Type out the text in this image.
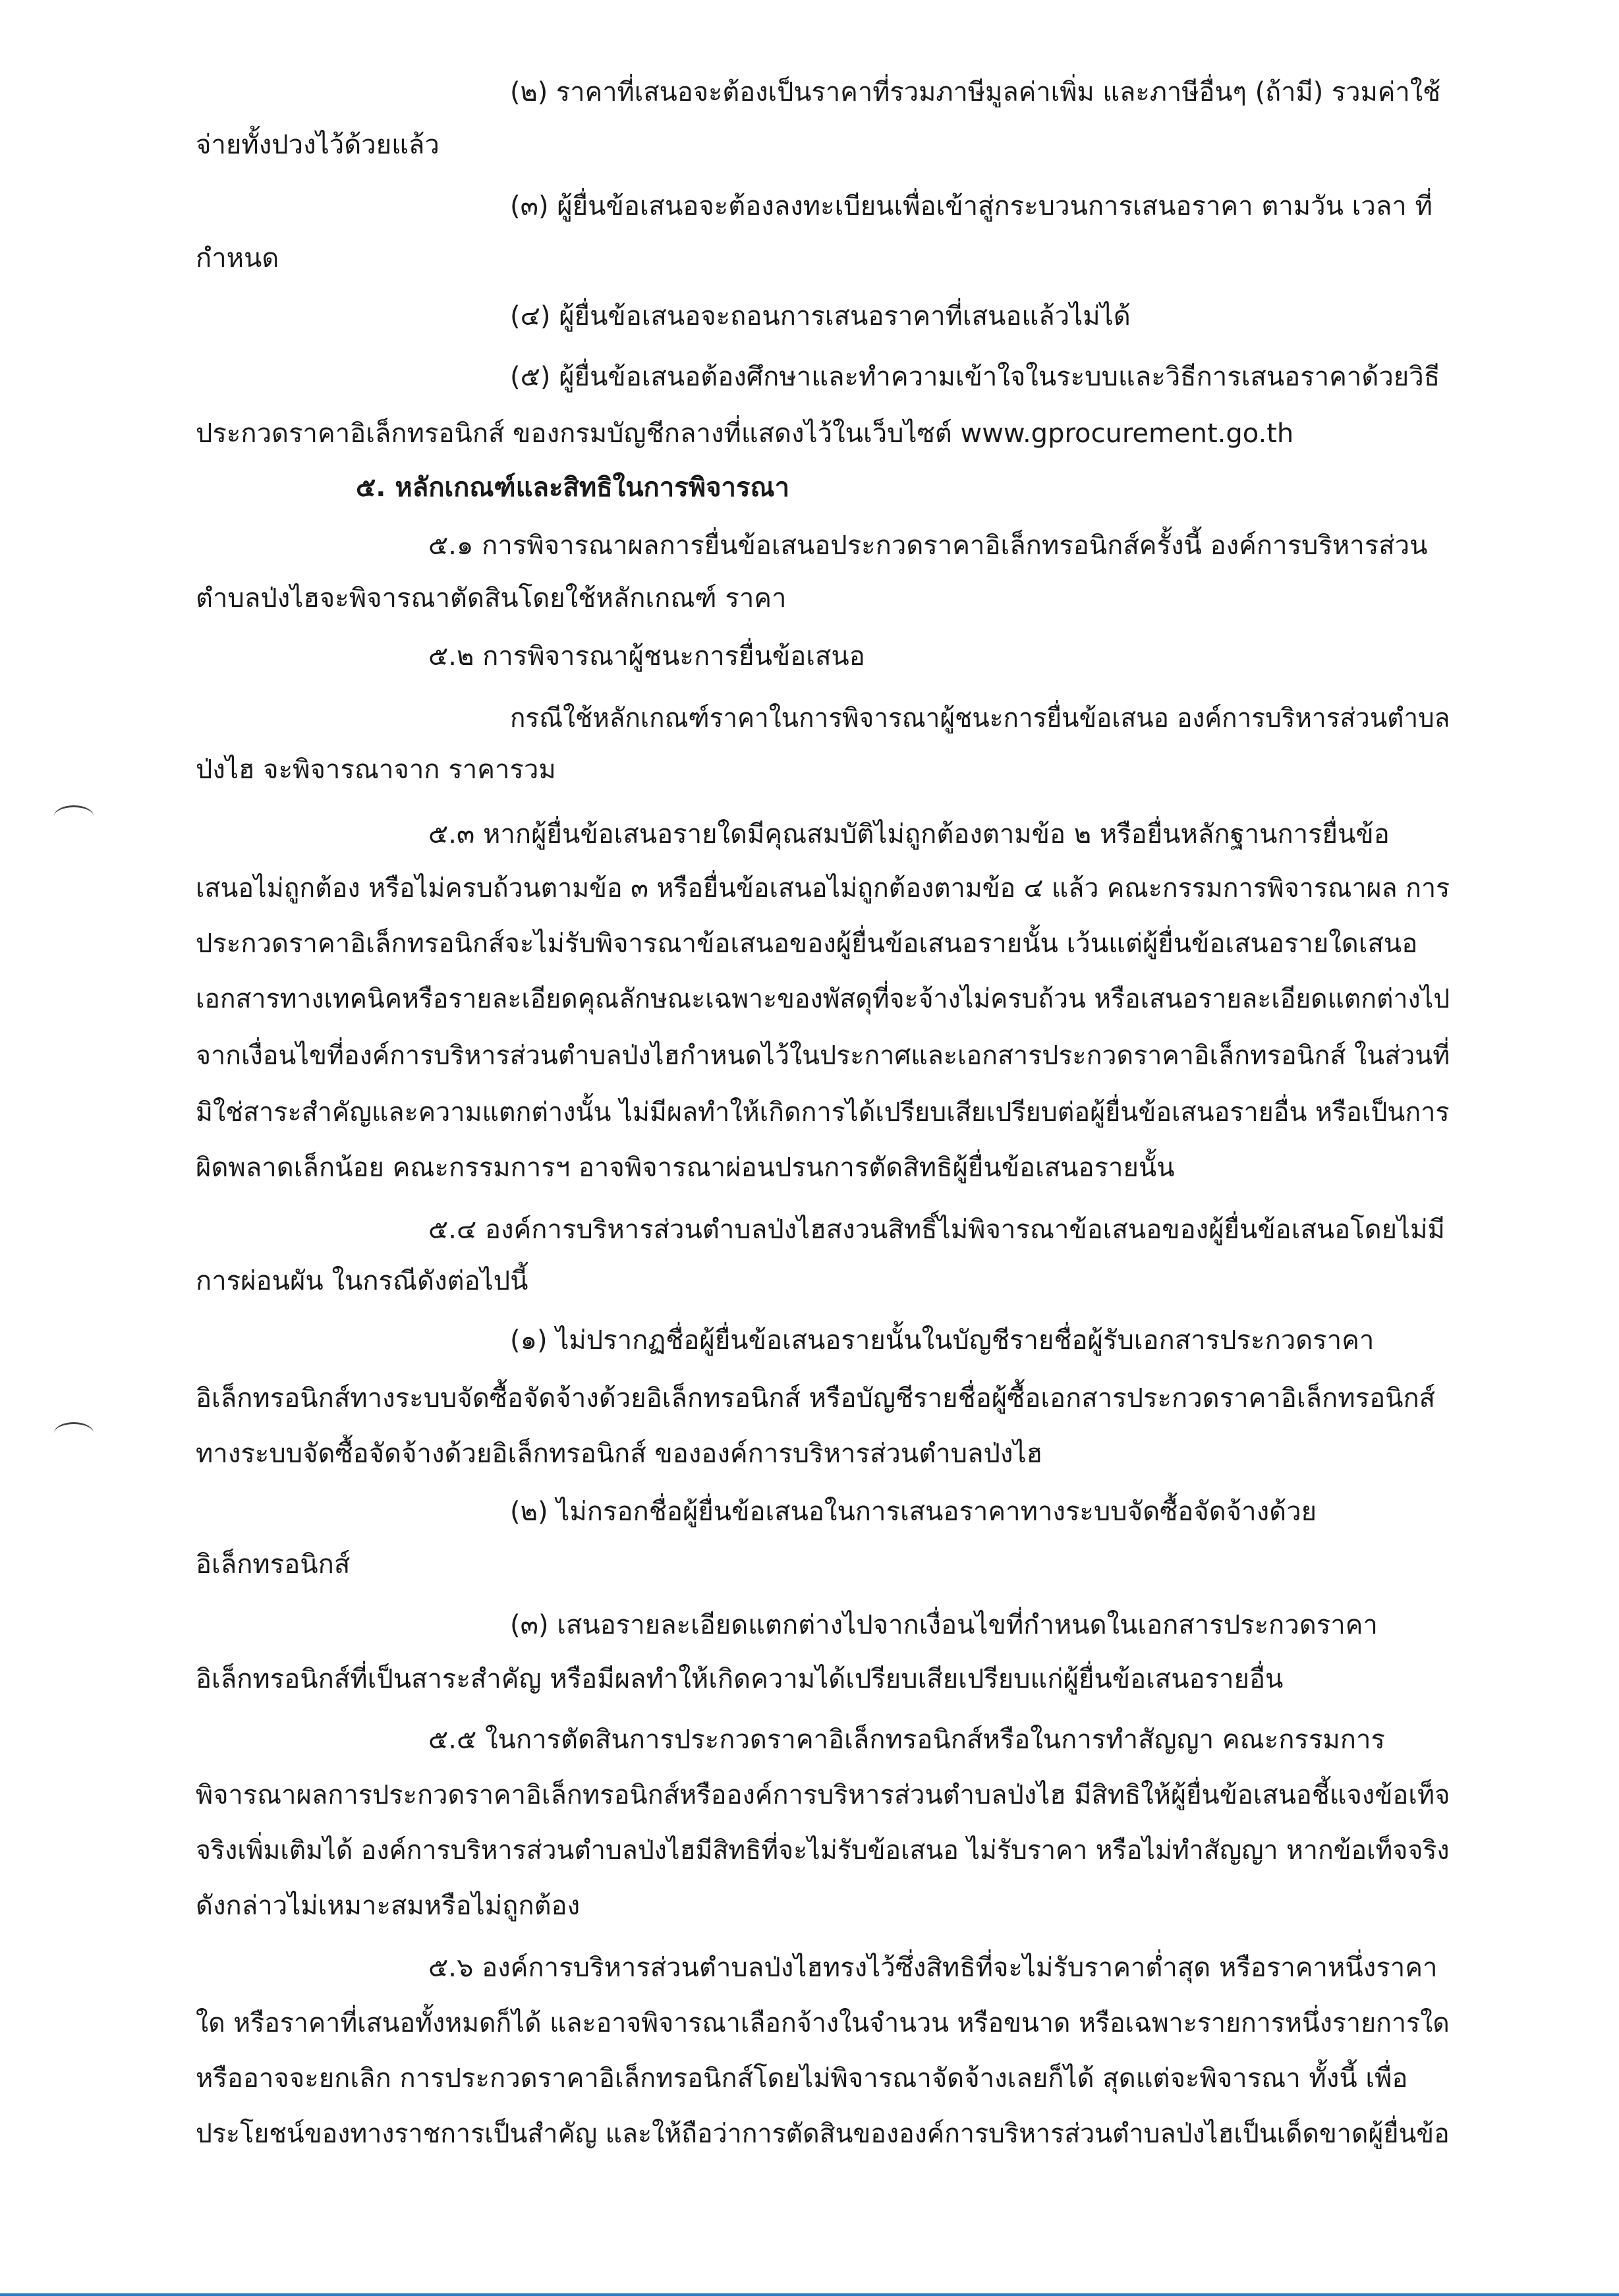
(๒) ราคาที่เสนอจะต้องเป็นราคาที่รวมภาษีมูลค่าเพิ่ม และภาษีอื่นๆ (ถ้ามี) รวมค่าใช้
จ่ายทั้งปวงไว้ด้วยแล้ว
(๓) ผู้ยื่นข้อเสนอจะต้องลงทะเบียนเพื่อเข้าสู่กระบวนการเสนอราคา ตามวัน เวลา ที่
กำหนด
(๔) ผู้ยื่นข้อเสนอจะถอนการเสนอราคาที่เสนอแล้วไม่ได้
(๕) ผู้ยื่นข้อเสนอต้องศึกษาและทำความเข้าใจในระบบและวิธีการเสนอราคาด้วยวิธี
ประกวดราคาอิเล็กทรอนิกส์ ของกรมบัญชีกลางที่แสดงไว้ในเว็บไซต์ www.gprocurement.go.th
๕. หลักเกณฑ์และสิทธิในการพิจารณา
๕.๑ การพิจารณาผลการยื่นข้อเสนอประกวดราคาอิเล็กทรอนิกส์ครั้งนี้ องค์การบริหารส่วน
ตำบลป่งไฮจะพิจารณาตัดสินโดยใช้หลักเกณฑ์ ราคา
๕.๒ การพิจารณาผู้ชนะการยื่นข้อเสนอ
กรณีใช้หลักเกณฑ์ราคาในการพิจารณาผู้ชนะการยื่นข้อเสนอ องค์การบริหารส่วนตำบล
ป่งไฮ จะพิจารณาจาก ราคารวม
๕.๓ หากผู้ยื่นข้อเสนอรายใดมีคุณสมบัติไม่ถูกต้องตามข้อ ๒ หรือยื่นหลักฐานการยื่นข้อ
เสนอไม่ถูกต้อง หรือไม่ครบถ้วนตามข้อ ๓ หรือยื่นข้อเสนอไม่ถูกต้องตามข้อ ๔ แล้ว คณะกรรมการพิจารณาผล การ
ประกวดราคาอิเล็กทรอนิกส์จะไม่รับพิจารณาข้อเสนอของผู้ยื่นข้อเสนอรายนั้น เว้นแต่ผู้ยื่นข้อเสนอรายใดเสนอ
เอกสารทางเทคนิคหรือรายละเอียดคุณลักษณะเฉพาะของพัสดุที่จะจ้างไม่ครบถ้วน หรือเสนอรายละเอียดแตกต่างไป
จากเงื่อนไขที่องค์การบริหารส่วนตำบลป่งไฮกำหนดไว้ในประกาศและเอกสารประกวดราคาอิเล็กทรอนิกส์ ในส่วนที่
มิใช่สาระสำคัญและความแตกต่างนั้น ไม่มีผลทำให้เกิดการได้เปรียบเสียเปรียบต่อผู้ยื่นข้อเสนอรายอื่น หรือเป็นการ
ผิดพลาดเล็กน้อย คณะกรรมการฯ อาจพิจารณาผ่อนปรนการตัดสิทธิผู้ยื่นข้อเสนอรายนั้น
๕.๔ องค์การบริหารส่วนตำบลป่งไฮสงวนสิทธิ์ไม่พิจารณาข้อเสนอของผู้ยื่นข้อเสนอโดยไม่มี
การผ่อนผัน ในกรณีดังต่อไปนี้
(๑) ไม่ปรากฏชื่อผู้ยื่นข้อเสนอรายนั้นในบัญชีรายชื่อผู้รับเอกสารประกวดราคา
อิเล็กทรอนิกส์ทางระบบจัดซื้อจัดจ้างด้วยอิเล็กทรอนิกส์ หรือบัญชีรายชื่อผู้ซื้อเอกสารประกวดราคาอิเล็กทรอนิกส์
ทางระบบจัดซื้อจัดจ้างด้วยอิเล็กทรอนิกส์ ขององค์การบริหารส่วนตำบลป่งไฮ
(๒) ไม่กรอกชื่อผู้ยื่นข้อเสนอในการเสนอราคาทางระบบจัดซื้อจัดจ้างด้วย
อิเล็กทรอนิกส์
(๓) เสนอรายละเอียดแตกต่างไปจากเงื่อนไขที่กำหนดในเอกสารประกวดราคา
อิเล็กทรอนิกส์ที่เป็นสาระสำคัญ หรือมีผลทำให้เกิดความได้เปรียบเสียเปรียบแก่ผู้ยื่นข้อเสนอรายอื่น
๕.๕ ในการตัดสินการประกวดราคาอิเล็กทรอนิกส์หรือในการทำสัญญา คณะกรรมการ
พิจารณาผลการประกวดราคาอิเล็กทรอนิกส์หรือองค์การบริหารส่วนตำบลป่งไฮ มีสิทธิให้ผู้ยื่นข้อเสนอชี้แจงข้อเท็จ
จริงเพิ่มเติมได้ องค์การบริหารส่วนตำบลป่งไฮมีสิทธิที่จะไม่รับข้อเสนอ ไม่รับราคา หรือไม่ทำสัญญา หากข้อเท็จจริง
ดังกล่าวไม่เหมาะสมหรือไม่ถูกต้อง
๕.๖ องค์การบริหารส่วนตำบลป่งไฮทรงไว้ซึ่งสิทธิที่จะไม่รับราคาต่ำสุด หรือราคาหนึ่งราคา
ใด หรือราคาที่เสนอทั้งหมดก็ได้ และอาจพิจารณาเลือกจ้างในจำนวน หรือขนาด หรือเฉพาะรายการหนึ่งรายการใด
หรืออาจจะยกเลิก การประกวดราคาอิเล็กทรอนิกส์โดยไม่พิจารณาจัดจ้างเลยก็ได้ สุดแต่จะพิจารณา ทั้งนี้ เพื่อ
ประโยชน์ของทางราชการเป็นสำคัญ และให้ถือว่าการตัดสินขององค์การบริหารส่วนตำบลป่งไฮเป็นเด็ดขาดผู้ยื่นข้อ
